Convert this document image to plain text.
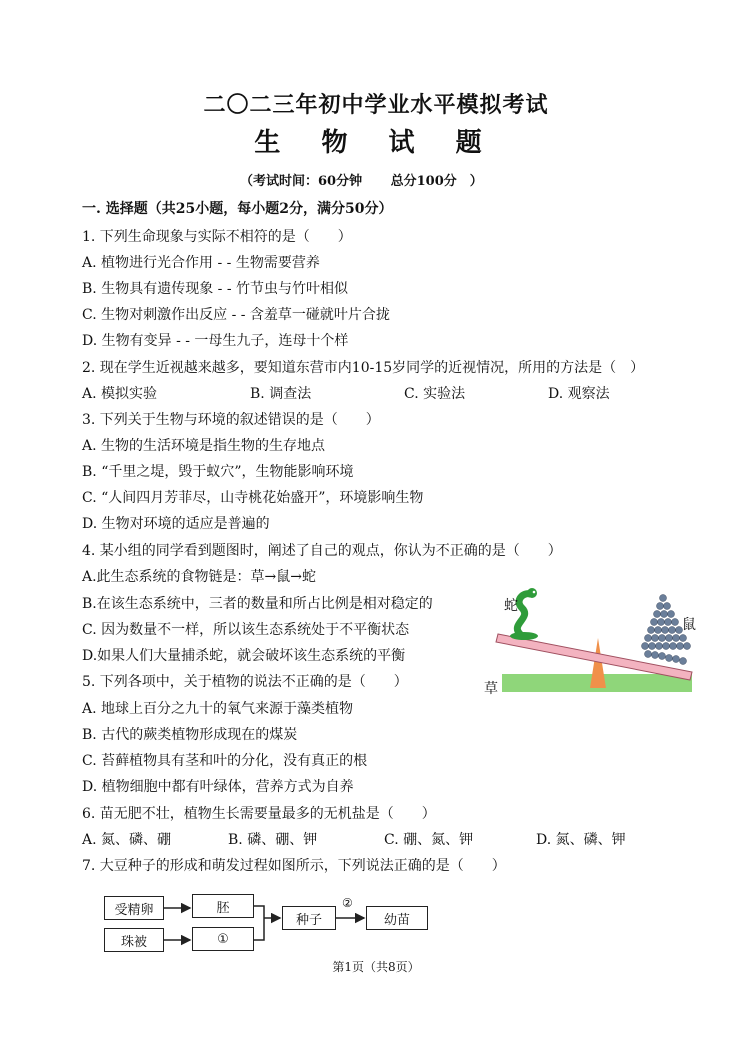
二〇二三年初中学业水平模拟考试
生 物 试 题
（考试时间：60分钟 总分100分　）
一. 选择题（共25小题，每小题2分，满分50分）
1. 下列生命现象与实际不相符的是（　　）
A. 植物进行光合作用 - - 生物需要营养
B. 生物具有遗传现象 - - 竹节虫与竹叶相似
C. 生物对刺激作出反应 - - 含羞草一碰就叶片合拢
D. 生物有变异 - - 一母生九子，连母十个样
2. 现在学生近视越来越多，要知道东营市内10-15岁同学的近视情况，所用的方法是（　）
A. 模拟实验	B. 调查法	C. 实验法	D. 观察法
3. 下列关于生物与环境的叙述错误的是（　　）
A. 生物的生活环境是指生物的生存地点
B. “千里之堤，毁于蚁穴”，生物能影响环境
C. “人间四月芳菲尽，山寺桃花始盛开”，环境影响生物
D. 生物对环境的适应是普遍的
4. 某小组的同学看到题图时，阐述了自己的观点，你认为不正确的是（　　）
A.此生态系统的食物链是：草→鼠→蛇
B.在该生态系统中，三者的数量和所占比例是相对稳定的
C. 因为数量不一样，所以该生态系统处于不平衡状态
D.如果人们大量捕杀蛇，就会破坏该生态系统的平衡
蛇
鼠
草
5. 下列各项中，关于植物的说法不正确的是（　　）
A. 地球上百分之九十的氧气来源于藻类植物
B. 古代的蕨类植物形成现在的煤炭
C. 苔藓植物具有茎和叶的分化，没有真正的根
D. 植物细胞中都有叶绿体，营养方式为自养
6. 苗无肥不壮，植物生长需要量最多的无机盐是（　　）
A. 氮、磷、硼	B. 磷、硼、钾	C. 硼、氮、钾	D. 氮、磷、钾
7. 大豆种子的形成和萌发过程如图所示，下列说法正确的是（　　）
受精卵	胚
珠被	①
种子	幼苗
②
第1页（共8页）
